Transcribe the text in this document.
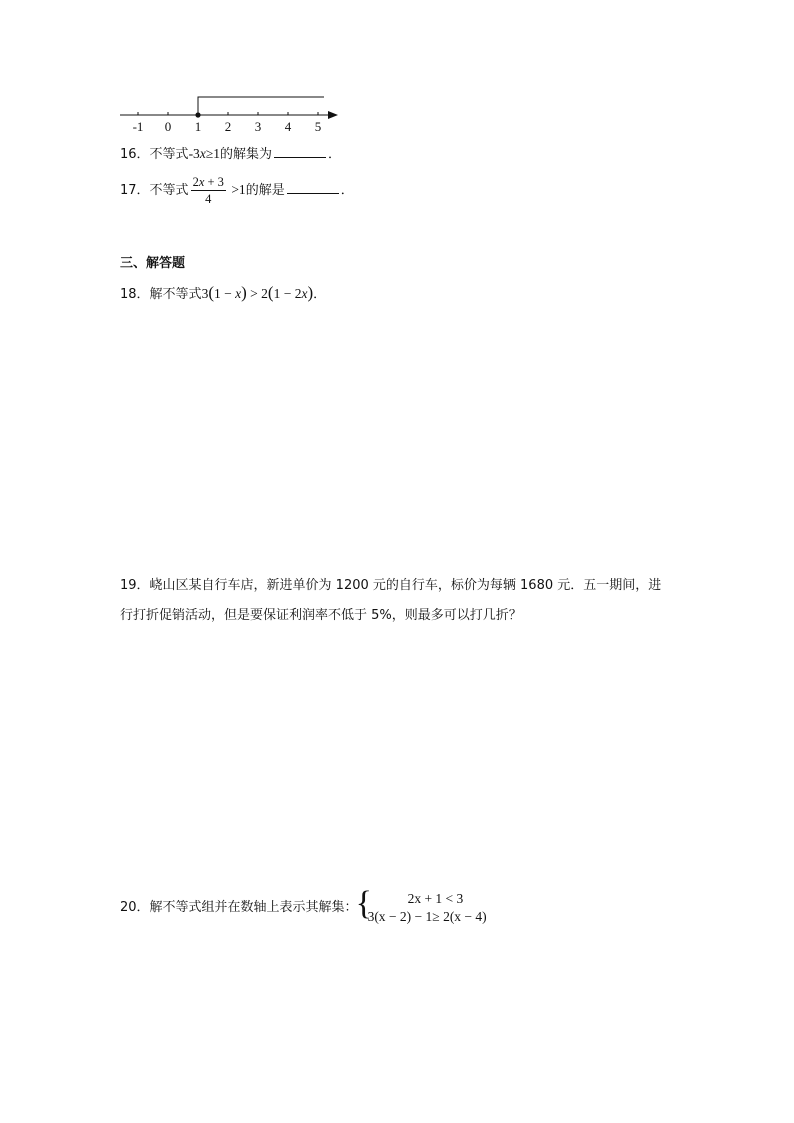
-1 0 1 2 3 4 5
16．不等式-3x≥1的解集为	．
17．不等式 $\frac{2x + 3}{4} >1$的解是	．
三、解答题
18．解不等式3(1 − x) > 2(1 − 2x)．
19．峣山区某自行车店，新进单价为 1200 元的自行车，标价为每辆 1680 元．五一期间，进
行打折促销活动，但是要保证利润率不低于 5%，则最多可以打几折？
20．解不等式组并在数轴上表示其解集：
{	2x + 1 < 3
3(x − 2) − 1≥ 2(x − 4)
